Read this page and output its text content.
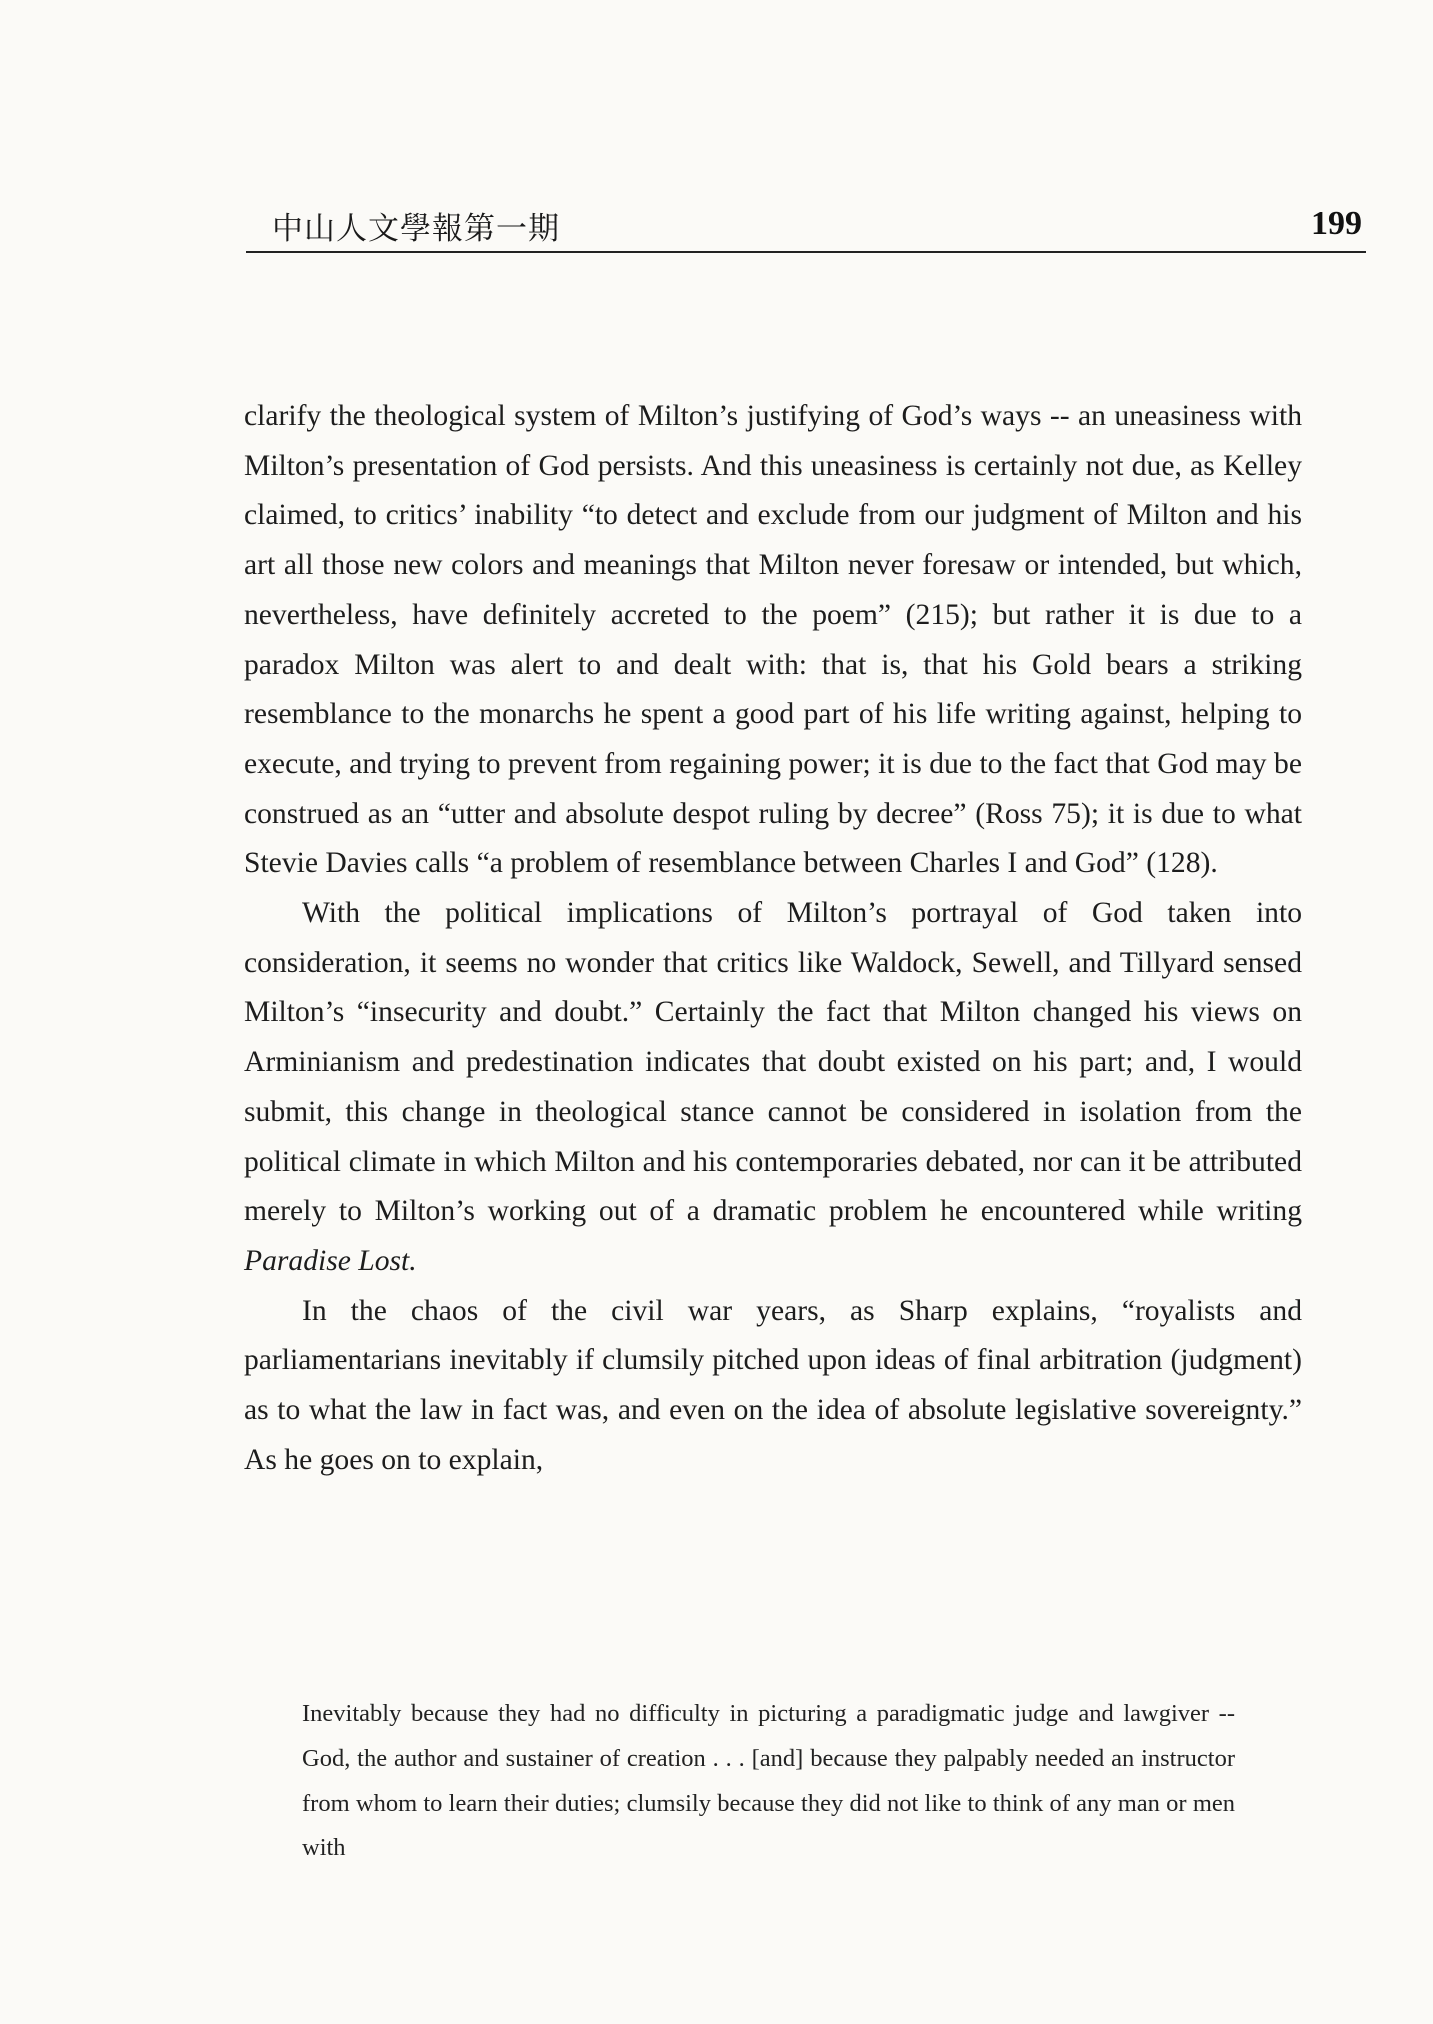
中山人文學報第一期	199

clarify the theological system of Milton’s justifying of God’s ways -- an uneasiness with Milton’s presentation of God persists. And this uneasiness is certainly not due, as Kelley claimed, to critics’ inability “to detect and exclude from our judgment of Milton and his art all those new colors and meanings that Milton never foresaw or intended, but which, nevertheless, have definitely accreted to the poem” (215); but rather it is due to a paradox Milton was alert to and dealt with: that is, that his Gold bears a striking resemblance to the monarchs he spent a good part of his life writing against, helping to execute, and trying to prevent from regaining power; it is due to the fact that God may be construed as an “utter and absolute despot ruling by decree” (Ross 75); it is due to what Stevie Davies calls “a problem of resemblance between Charles I and God” (128).

With the political implications of Milton’s portrayal of God taken into consideration, it seems no wonder that critics like Waldock, Sewell, and Tillyard sensed Milton’s “insecurity and doubt.” Certainly the fact that Milton changed his views on Arminianism and predestination indicates that doubt existed on his part; and, I would submit, this change in theological stance cannot be considered in isolation from the political climate in which Milton and his contemporaries debated, nor can it be attributed merely to Milton’s working out of a dramatic problem he encountered while writing Paradise Lost.

In the chaos of the civil war years, as Sharp explains, “royalists and parliamentarians inevitably if clumsily pitched upon ideas of final arbitration (judgment) as to what the law in fact was, and even on the idea of absolute legislative sovereignty.” As he goes on to explain,

Inevitably because they had no difficulty in picturing a paradigmatic judge and lawgiver -- God, the author and sustainer of creation . . . [and] because they palpably needed an instructor from whom to learn their duties; clumsily because they did not like to think of any man or men with
